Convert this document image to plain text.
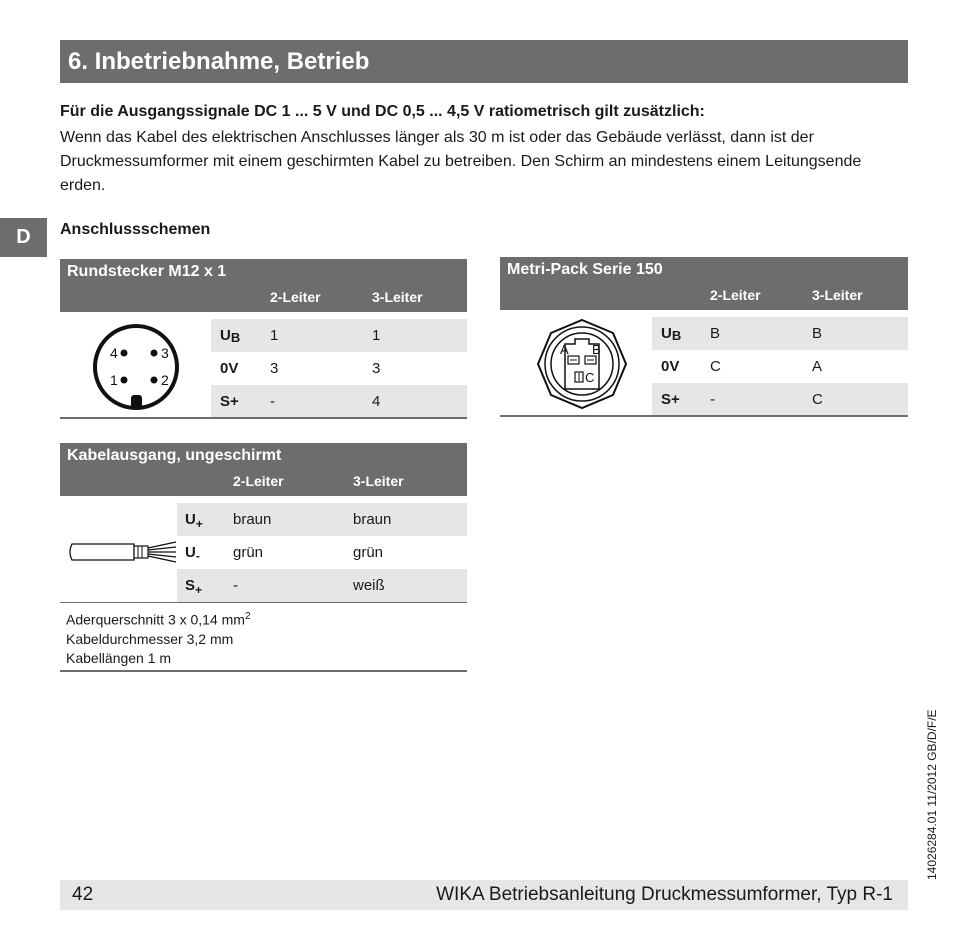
6. Inbetriebnahme, Betrieb
Für die Ausgangssignale DC 1 ... 5 V und DC 0,5 ... 4,5 V ratiometrisch gilt zusätzlich:
Wenn das Kabel des elektrischen Anschlusses länger als 30 m ist oder das Gebäude verlässt, dann ist der Druckmessumformer mit einem geschirmten Kabel zu betreiben. Den Schirm an mindestens einem Leitungsende erden.
D	Anschlussschemen
Rundstecker M12 x 1
2-Leiter	3-Leiter
4	3
1	2
UB 1	1
0V 3	3
S+ -	4
Metri-Pack Serie 150
2-Leiter	3-Leiter
A B
C
UB B	B
0V C	A
S+ -	C
Kabelausgang, ungeschirmt
2-Leiter	3-Leiter
$U_+$ braun	braun
$U_-$ grün	grün
$S_+$ -	weiß
Aderquerschnitt 3 x 0,14 $mm^2$
Kabeldurchmesser 3,2 mm
Kabellängen 1 m
14026284.01 11/2012 GB/D/F/E
42	WIKA Betriebsanleitung Druckmessumformer, Typ R-1
